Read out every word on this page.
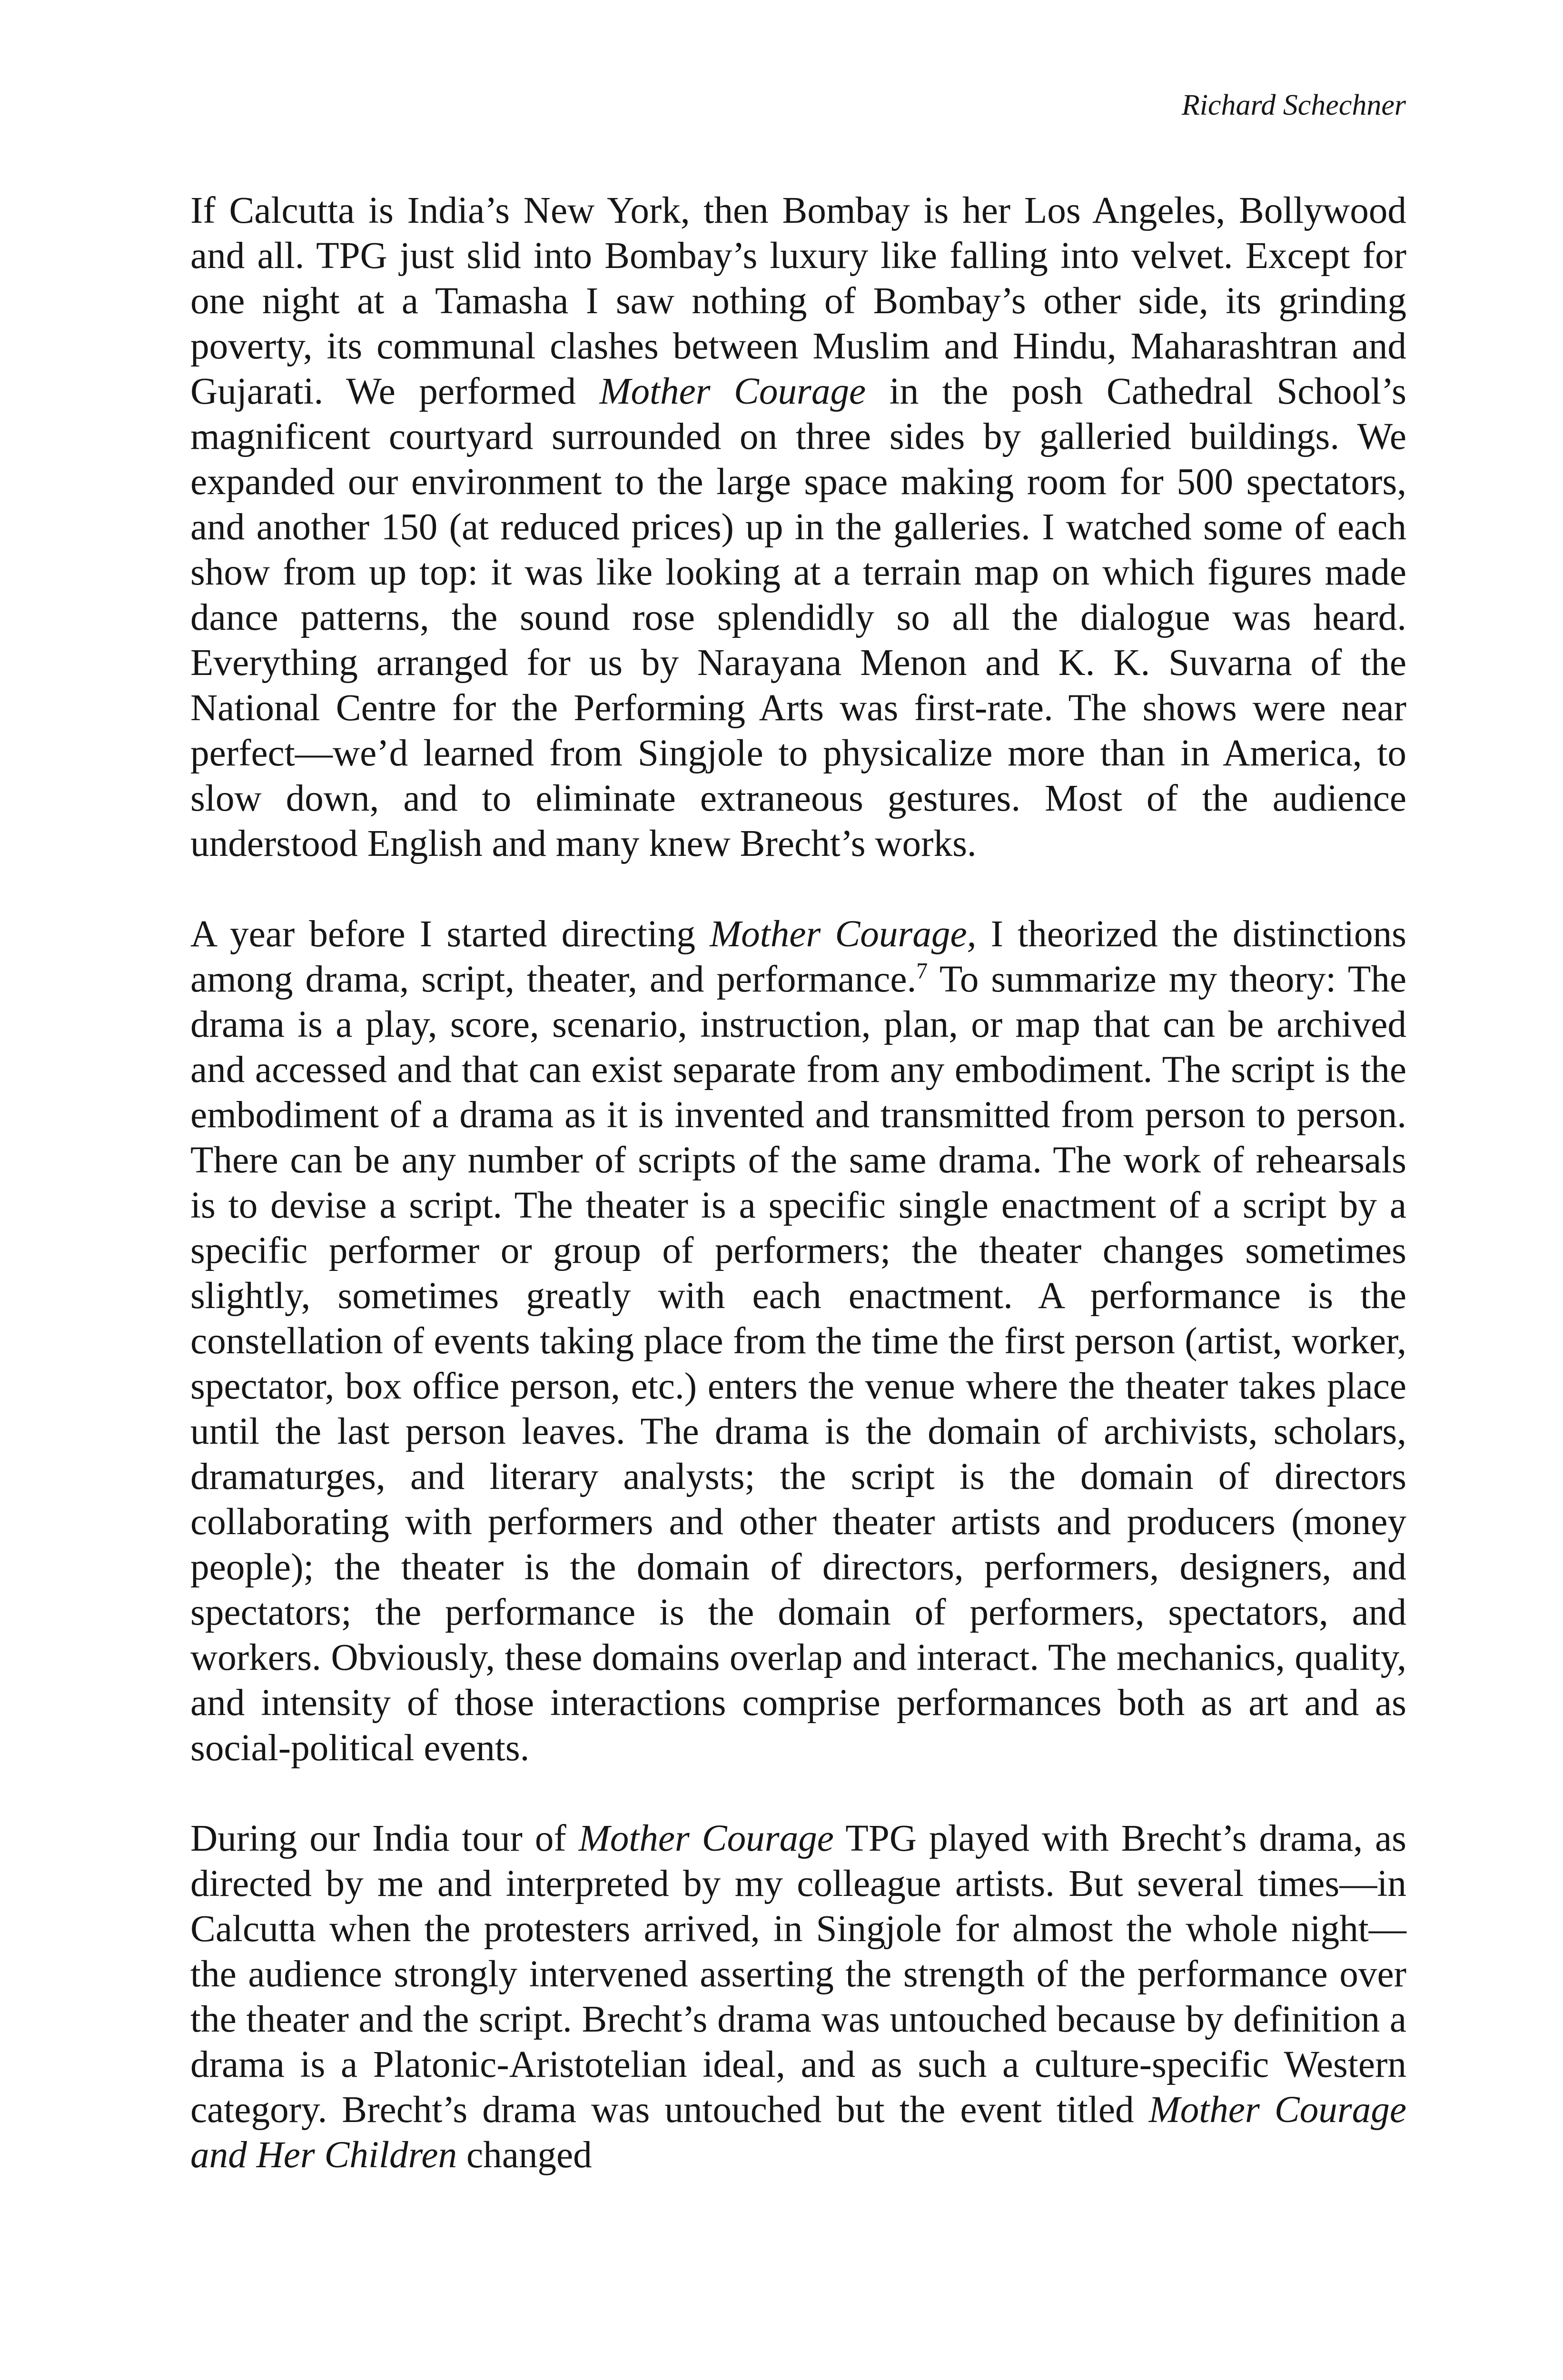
Richard Schechner

If Calcutta is India’s New York, then Bombay is her Los Angeles, Bollywood and all. TPG just slid into Bombay’s luxury like falling into velvet. Except for one night at a Tamasha I saw nothing of Bombay’s other side, its grinding poverty, its communal clashes between Muslim and Hindu, Maharashtran and Gujarati. We performed Mother Courage in the posh Cathedral School’s magnificent courtyard surrounded on three sides by galleried buildings. We expanded our environment to the large space making room for 500 spectators, and another 150 (at reduced prices) up in the galleries. I watched some of each show from up top: it was like looking at a terrain map on which figures made dance patterns, the sound rose splendidly so all the dialogue was heard. Everything arranged for us by Narayana Menon and K. K. Suvarna of the National Centre for the Performing Arts was first-rate. The shows were near perfect—we’d learned from Singjole to physicalize more than in America, to slow down, and to eliminate extraneous gestures. Most of the audience understood English and many knew Brecht’s works.

A year before I started directing Mother Courage, I theorized the distinctions among drama, script, theater, and performance.$^7$ To summarize my theory: The drama is a play, score, scenario, instruction, plan, or map that can be archived and accessed and that can exist separate from any embodiment. The script is the embodiment of a drama as it is invented and transmitted from person to person. There can be any number of scripts of the same drama. The work of rehearsals is to devise a script. The theater is a specific single enactment of a script by a specific performer or group of performers; the theater changes sometimes slightly, sometimes greatly with each enactment. A performance is the constellation of events taking place from the time the first person (artist, worker, spectator, box office person, etc.) enters the venue where the theater takes place until the last person leaves. The drama is the domain of archivists, scholars, dramaturges, and literary analysts; the script is the domain of directors collaborating with performers and other theater artists and producers (money people); the theater is the domain of directors, performers, designers, and spectators; the performance is the domain of performers, spectators, and workers. Obviously, these domains overlap and interact. The mechanics, quality, and intensity of those interactions comprise performances both as art and as social-political events.

During our India tour of Mother Courage TPG played with Brecht’s drama, as directed by me and interpreted by my colleague artists. But several times—in Calcutta when the protesters arrived, in Singjole for almost the whole night—the audience strongly intervened asserting the strength of the performance over the theater and the script. Brecht’s drama was untouched because by definition a drama is a Platonic-Aristotelian ideal, and as such a culture-specific Western category. Brecht’s drama was untouched but the event titled Mother Courage and Her Children changed
